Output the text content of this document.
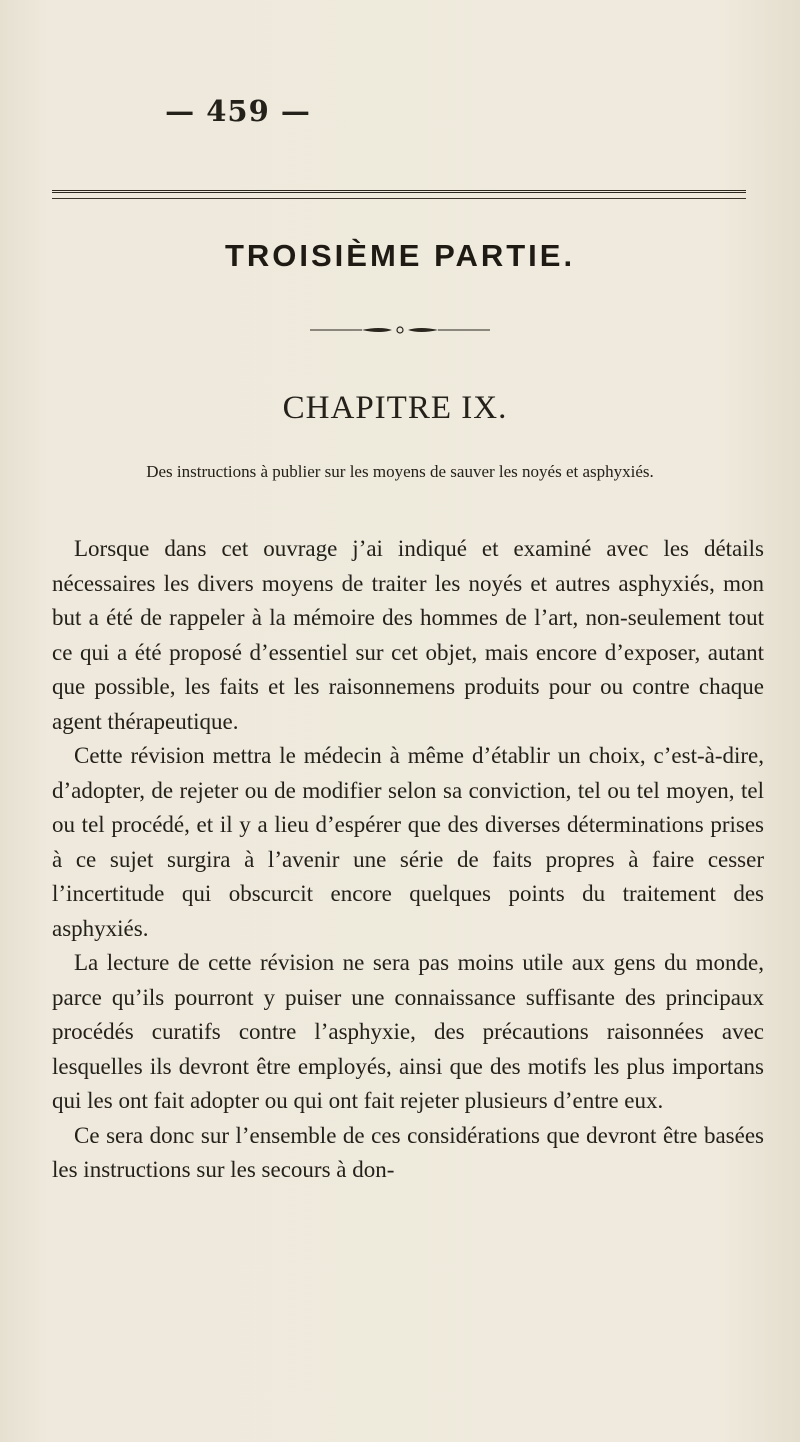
— 459 —
TROISIÈME PARTIE.
CHAPITRE IX.
Des instructions à publier sur les moyens de sauver les noyés et asphyxiés.

Lorsque dans cet ouvrage j’ai indiqué et examiné avec les détails nécessaires les divers moyens de traiter les noyés et autres asphyxiés, mon but a été de rappeler à la mémoire des hommes de l’art, non-seulement tout ce qui a été proposé d’essentiel sur cet objet, mais encore d’exposer, autant que possible, les faits et les raisonnemens produits pour ou contre chaque agent thérapeutique.

Cette révision mettra le médecin à même d’établir un choix, c’est-à-dire, d’adopter, de rejeter ou de modifier selon sa conviction, tel ou tel moyen, tel ou tel procédé, et il y a lieu d’espérer que des diverses déterminations prises à ce sujet surgira à l’avenir une série de faits propres à faire cesser l’incertitude qui obscurcit encore quelques points du traitement des asphyxiés.

La lecture de cette révision ne sera pas moins utile aux gens du monde, parce qu’ils pourront y puiser une connaissance suffisante des principaux procédés curatifs contre l’asphyxie, des précautions raisonnées avec lesquelles ils devront être employés, ainsi que des motifs les plus importans qui les ont fait adopter ou qui ont fait rejeter plusieurs d’entre eux.

Ce sera donc sur l’ensemble de ces considérations que devront être basées les instructions sur les secours à don-
